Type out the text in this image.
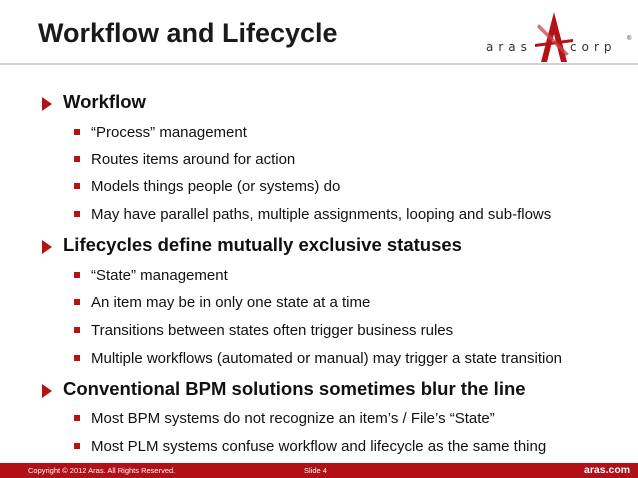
Workflow and Lifecycle	aras	corp
®
Workflow
“Process” management
Routes items around for action
Models things people (or systems) do
May have parallel paths, multiple assignments, looping and sub-flows
Lifecycles define mutually exclusive statuses
“State” management
An item may be in only one state at a time
Transitions between states often trigger business rules
Multiple workflows (automated or manual) may trigger a state transition
Conventional BPM solutions sometimes blur the line
Most BPM systems do not recognize an item’s / File’s “State”
Most PLM systems confuse workflow and lifecycle as the same thing
Copyright © 2012 Aras. All Rights Reserved.	Slide 4	aras.com
